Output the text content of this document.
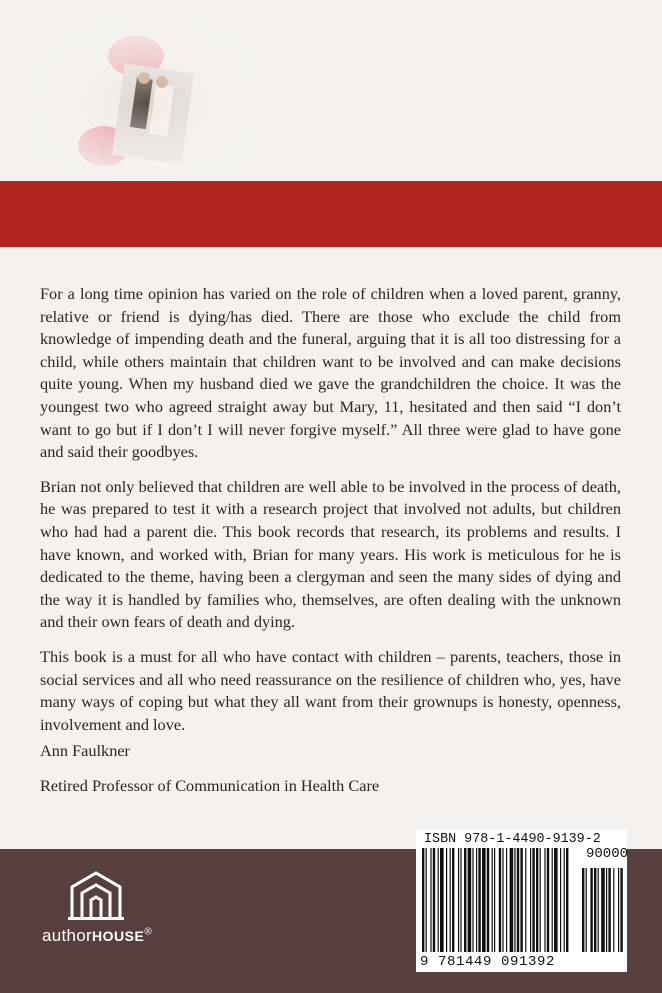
For a long time opinion has varied on the role of children when a loved parent, granny, relative or friend is dying/has died. There are those who exclude the child from knowledge of impending death and the funeral, arguing that it is all too distressing for a child, while others maintain that children want to be involved and can make decisions quite young. When my husband died we gave the grandchildren the choice. It was the youngest two who agreed straight away but Mary, 11, hesitated and then said “I don’t want to go but if I don’t I will never forgive myself.” All three were glad to have gone and said their goodbyes.

Brian not only believed that children are well able to be involved in the process of death, he was prepared to test it with a research project that involved not adults, but children who had had a parent die. This book records that research, its problems and results. I have known, and worked with, Brian for many years. His work is meticulous for he is dedicated to the theme, having been a clergyman and seen the many sides of dying and the way it is handled by families who, themselves, are often dealing with the unknown and their own fears of death and dying.

This book is a must for all who have contact with children – parents, teachers, those in social services and all who need reassurance on the resilience of children who, yes, have many ways of coping but what they all want from their grownups is honesty, openness, involvement and love.

Ann Faulkner

Retired Professor of Communication in Health Care

authorHOUSE®
ISBN 978-1-4490-9139-2
90000
9 781449 091392
